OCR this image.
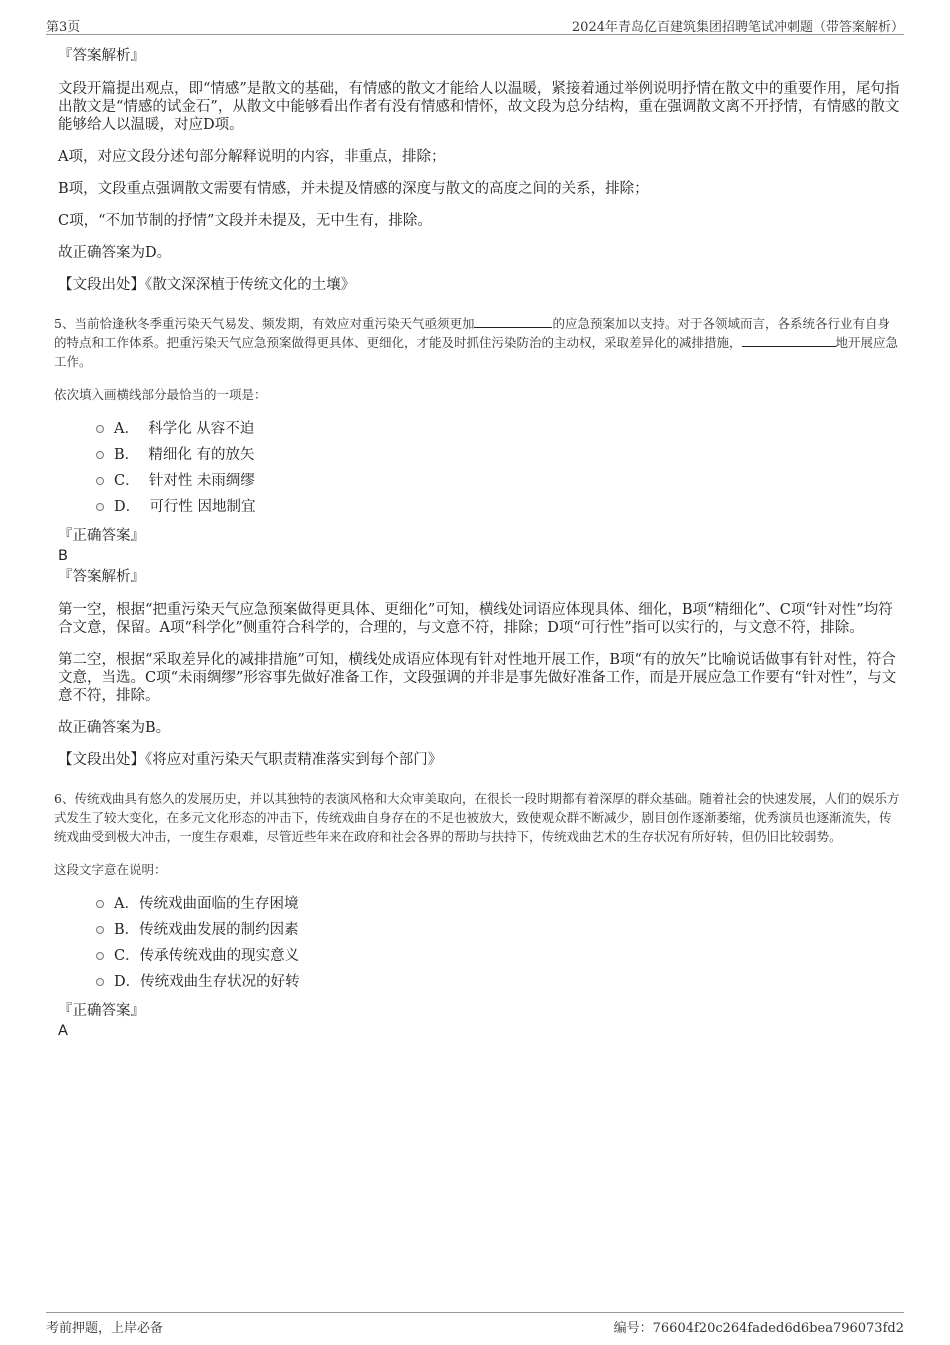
第3页	2024年青岛亿百建筑集团招聘笔试冲刺题（带答案解析）

『答案解析』

文段开篇提出观点，即“情感”是散文的基础，有情感的散文才能给人以温暖，紧接着通过举例说明抒情在散文中的重要作用，尾句指出散文是“情感的试金石”，从散文中能够看出作者有没有情感和情怀，故文段为总分结构，重在强调散文离不开抒情，有情感的散文能够给人以温暖，对应D项。

A项，对应文段分述句部分解释说明的内容，非重点，排除；

B项，文段重点强调散文需要有情感，并未提及情感的深度与散文的高度之间的关系，排除；

C项，“不加节制的抒情”文段并未提及，无中生有，排除。

故正确答案为D。

【文段出处】《散文深深植于传统文化的土壤》

5、当前恰逢秋冬季重污染天气易发、频发期，有效应对重污染天气亟须更加	的应急预案加以支持。对于各领域而言，各系统各行业有自身的特点和工作体系。把重污染天气应急预案做得更具体、更细化，才能及时抓住污染防治的主动权，采取差异化的减排措施，	地开展应急工作。

依次填入画横线部分最恰当的一项是：

A． 科学化 从容不迫
B． 精细化 有的放矢
C． 针对性 未雨绸缪
D． 可行性 因地制宜

『正确答案』

B

『答案解析』

第一空，根据“把重污染天气应急预案做得更具体、更细化”可知，横线处词语应体现具体、细化，B项“精细化”、C项“针对性”均符合文意，保留。A项“科学化”侧重符合科学的，合理的，与文意不符，排除；D项“可行性”指可以实行的，与文意不符，排除。

第二空，根据“采取差异化的减排措施”可知，横线处成语应体现有针对性地开展工作，B项“有的放矢”比喻说话做事有针对性，符合文意，当选。C项“未雨绸缪”形容事先做好准备工作，文段强调的并非是事先做好准备工作，而是开展应急工作要有“针对性”，与文意不符，排除。

故正确答案为B。

【文段出处】《将应对重污染天气职责精准落实到每个部门》

6、传统戏曲具有悠久的发展历史，并以其独特的表演风格和大众审美取向，在很长一段时期都有着深厚的群众基础。随着社会的快速发展，人们的娱乐方式发生了较大变化，在多元文化形态的冲击下，传统戏曲自身存在的不足也被放大，致使观众群不断减少，剧目创作逐渐萎缩，优秀演员也逐渐流失，传统戏曲受到极大冲击，一度生存艰难，尽管近些年来在政府和社会各界的帮助与扶持下，传统戏曲艺术的生存状况有所好转，但仍旧比较弱势。

这段文字意在说明：

A．传统戏曲面临的生存困境
B．传统戏曲发展的制约因素
C．传承传统戏曲的现实意义
D．传统戏曲生存状况的好转

『正确答案』

A

考前押题，上岸必备	编号：76604f20c264faded6d6bea796073fd2
